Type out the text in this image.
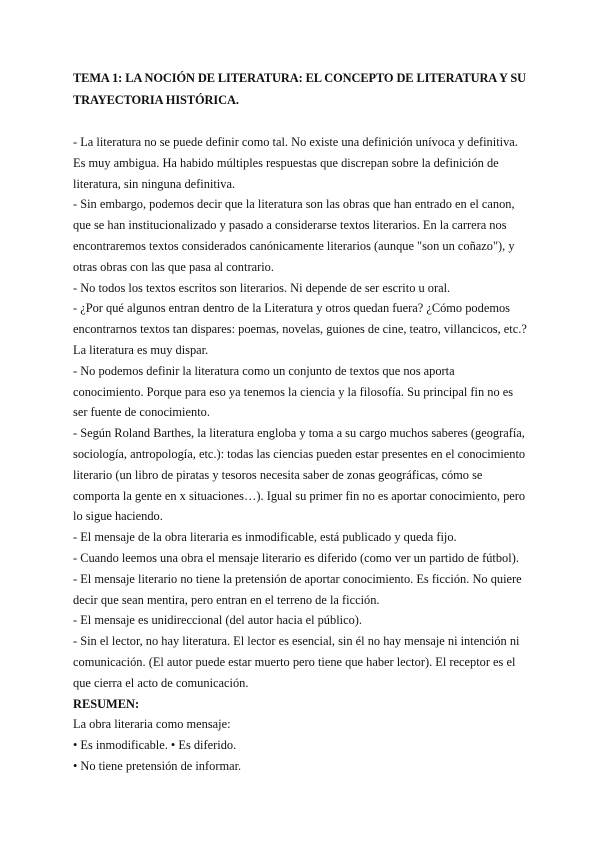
TEMA 1: LA NOCIÓN DE LITERATURA: EL CONCEPTO DE LITERATURA Y SU TRAYECTORIA HISTÓRICA.

- La literatura no se puede definir como tal. No existe una definición unívoca y definitiva. Es muy ambigua. Ha habido múltiples respuestas que discrepan sobre la definición de literatura, sin ninguna definitiva.

- Sin embargo, podemos decir que la literatura son las obras que han entrado en el canon, que se han institucionalizado y pasado a considerarse textos literarios. En la carrera nos encontraremos textos considerados canónicamente literarios (aunque "son un coñazo"), y otras obras con las que pasa al contrario.

- No todos los textos escritos son literarios. Ni depende de ser escrito u oral.

- ¿Por qué algunos entran dentro de la Literatura y otros quedan fuera? ¿Cómo podemos encontrarnos textos tan dispares: poemas, novelas, guiones de cine, teatro, villancicos, etc.? La literatura es muy dispar.

- No podemos definir la literatura como un conjunto de textos que nos aporta conocimiento. Porque para eso ya tenemos la ciencia y la filosofía. Su principal fin no es ser fuente de conocimiento.

- Según Roland Barthes, la literatura engloba y toma a su cargo muchos saberes (geografía, sociología, antropología, etc.): todas las ciencias pueden estar presentes en el conocimiento literario (un libro de piratas y tesoros necesita saber de zonas geográficas, cómo se comporta la gente en x situaciones…). Igual su primer fin no es aportar conocimiento, pero lo sigue haciendo.

- El mensaje de la obra literaria es inmodificable, está publicado y queda fijo.

- Cuando leemos una obra el mensaje literario es diferido (como ver un partido de fútbol).

- El mensaje literario no tiene la pretensión de aportar conocimiento. Es ficción. No quiere decir que sean mentira, pero entran en el terreno de la ficción.

- El mensaje es unidireccional (del autor hacia el público).

- Sin el lector, no hay literatura. El lector es esencial, sin él no hay mensaje ni intención ni comunicación. (El autor puede estar muerto pero tiene que haber lector). El receptor es el que cierra el acto de comunicación.

RESUMEN:

La obra literaria como mensaje:

• Es inmodificable. • Es diferido.

• No tiene pretensión de informar.
